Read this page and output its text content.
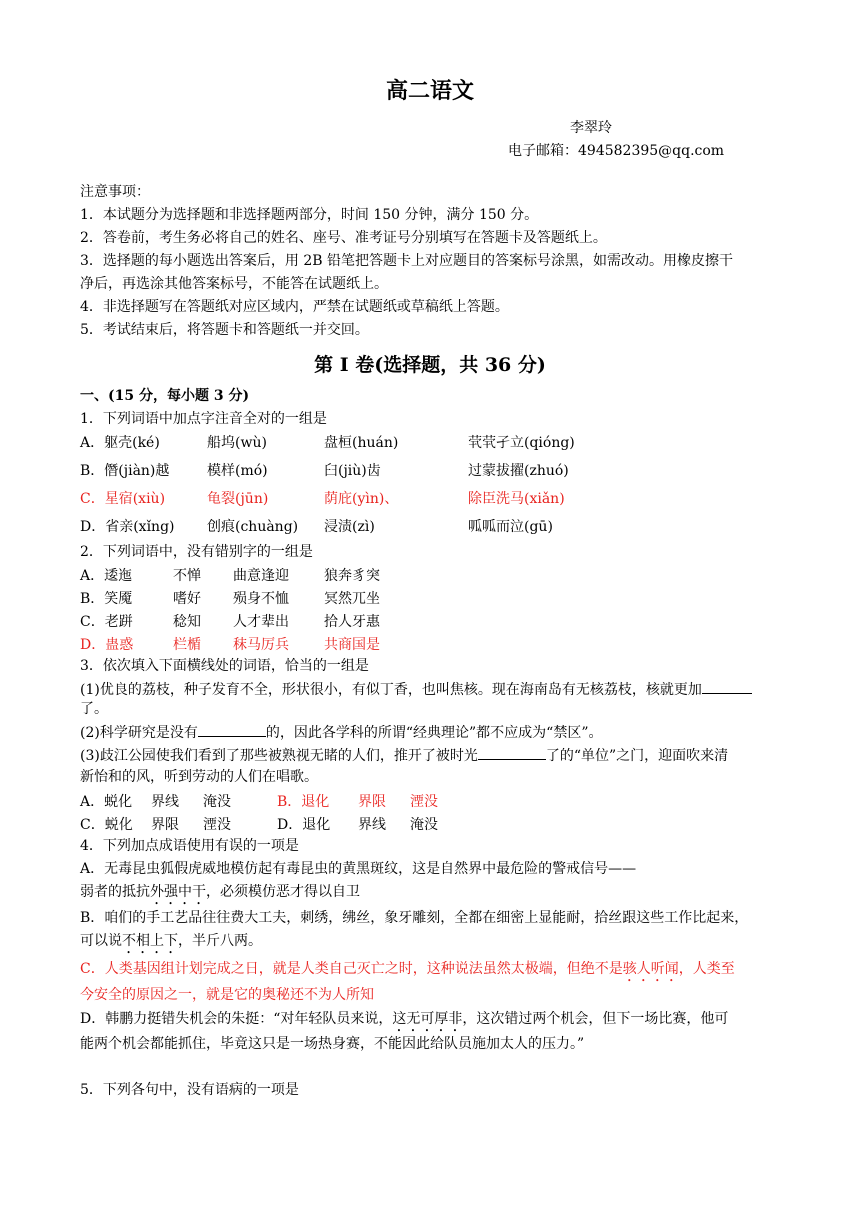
高二语文
李翠玲
电子邮箱：494582395@qq.com
注意事项：
1．本试题分为选择题和非选择题两部分，时间 150 分钟，满分 150 分。
2．答卷前，考生务必将自己的姓名、座号、准考证号分别填写在答题卡及答题纸上。
3．选择题的每小题选出答案后，用 2B 铅笔把答题卡上对应题目的答案标号涂黑，如需改动。用橡皮擦干
净后，再选涂其他答案标号，不能答在试题纸上。
4．非选择题写在答题纸对应区域内，严禁在试题纸或草稿纸上答题。
5．考试结束后，将答题卡和答题纸一并交回。
第 I 卷(选择题，共 36 分)
一、(15 分，每小题 3 分)
1．下列词语中加点字注音全对的一组是
A．躯壳(ké)	船坞(wù)	盘桓(huán)	茕茕孑立(qióng)
B．僭(jiàn)越	模样(mó)	臼(jiù)齿	过蒙拔擢(zhuó)
C．星宿(xiù)	龟裂(jūn)	荫庇(yìn)、	除臣洗马(xiǎn)
D．省亲(xǐng) 创痕(chuàng) 浸渍(zì)	呱呱而泣(gū)
2．下列词语中，没有错别字的一组是
A．逶迤	不惮 曲意逢迎	狼奔豸突
B．笑魇	嗜好 殒身不恤	冥然兀坐
C．老跰	稔知 人才辈出	拾人牙惠
D．蛊惑	栏楯 秣马厉兵	共商国是
3．依次填入下面横线处的词语，恰当的一组是
(1)优良的荔枝，种子发育不全，形状很小，有似丁香，也叫焦核。现在海南岛有无核荔枝，核就更加
了。
(2)科学研究是没有	的，因此各学科的所谓“经典理论”都不应成为“禁区”。
(3)歧江公园使我们看到了那些被熟视无睹的人们，推开了被时光	了的“单位”之门，迎面吹来清
新怡和的风，听到劳动的人们在唱歌。
A．蜕化 界线 淹没	B．退化 界限 湮没
C．蜕化 界限 湮没	D．退化 界线 淹没
4．下列加点成语使用有误的一项是
A．无毒昆虫狐假虎威地模仿起有毒昆虫的黄黑斑纹，这是自然界中最危险的警戒信号——
弱者的抵抗外强中干，必须模仿恶才得以自卫
B．咱们的手工艺品往往费大工夫，刺绣，绋丝，象牙雕刻，全都在细密上显能耐，拾丝跟这些工作比起来，
可以说不相上下，半斤八两。
C．人类基因组计划完成之日，就是人类自己灭亡之时，这种说法虽然太极端，但绝不是骇人听闻，人类至
今安全的原因之一，就是它的奥秘还不为人所知
D．韩鹏力挺错失机会的朱挺：“对年轻队员来说，这无可厚非，这次错过两个机会，但下一场比赛，他可
能两个机会都能抓住，毕竟这只是一场热身赛，不能因此给队员施加太人的压力。”
5．下列各句中，没有语病的一项是
